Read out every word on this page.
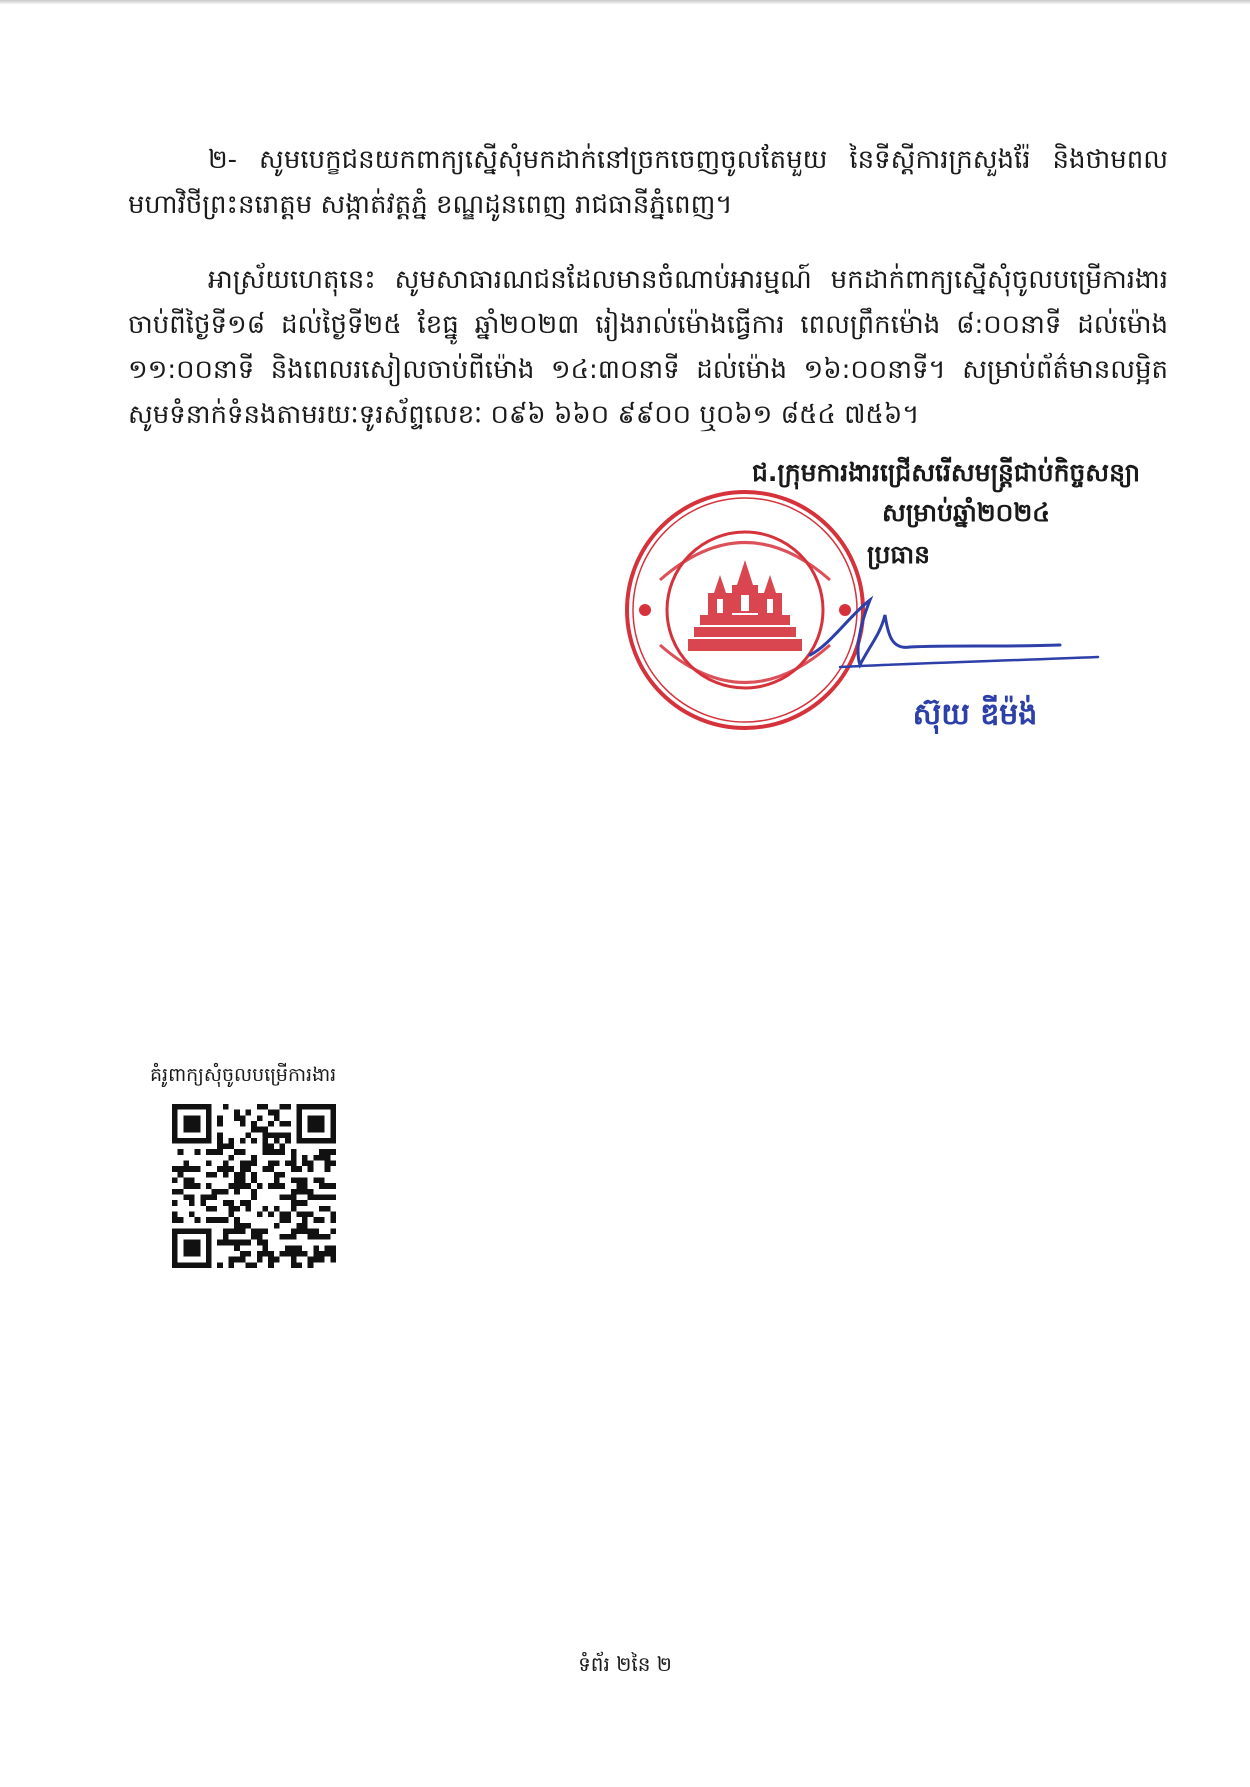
២- សូមបេក្ខជនយកពាក្យស្នើសុំមកដាក់នៅច្រកចេញចូលតែមួយ នៃទីស្តីការក្រសួងរ៉ែ និងថាមពល មហាវិថីព្រះនរោត្តម សង្កាត់វត្តភ្នំ ខណ្ឌដូនពេញ រាជធានីភ្នំពេញ។

អាស្រ័យហេតុនេះ សូមសាធារណជនដែលមានចំណាប់អារម្មណ៍ មកដាក់ពាក្យស្នើសុំចូលបម្រើការងារចាប់ពីថ្ងៃទី១៨ ដល់ថ្ងៃទី២៥ ខែធ្នូ ឆ្នាំ២០២៣ រៀងរាល់ម៉ោងធ្វើការ ពេលព្រឹកម៉ោង ៨:០០នាទី ដល់ម៉ោង ១១:០០នាទី និងពេលរសៀលចាប់ពីម៉ោង ១៤:៣០នាទី ដល់ម៉ោង ១៦:០០នាទី។ សម្រាប់ព័ត៌មានលម្អិត សូមទំនាក់ទំនងតាមរយៈទូរស័ព្ទលេខៈ ០៩៦ ៦៦០ ៩៩០០ ឬ០៦១ ៨៥៤ ៧៥៦។

ជ.ក្រុមការងារជ្រើសរើសមន្ត្រីជាប់កិច្ចសន្យា
សម្រាប់ឆ្នាំ២០២៤
ប្រធាន
ស៊ុយ ឌីម៉ង់

គំរូពាក្យសុំចូលបម្រើការងារ

ទំព័រ ២នៃ ២
